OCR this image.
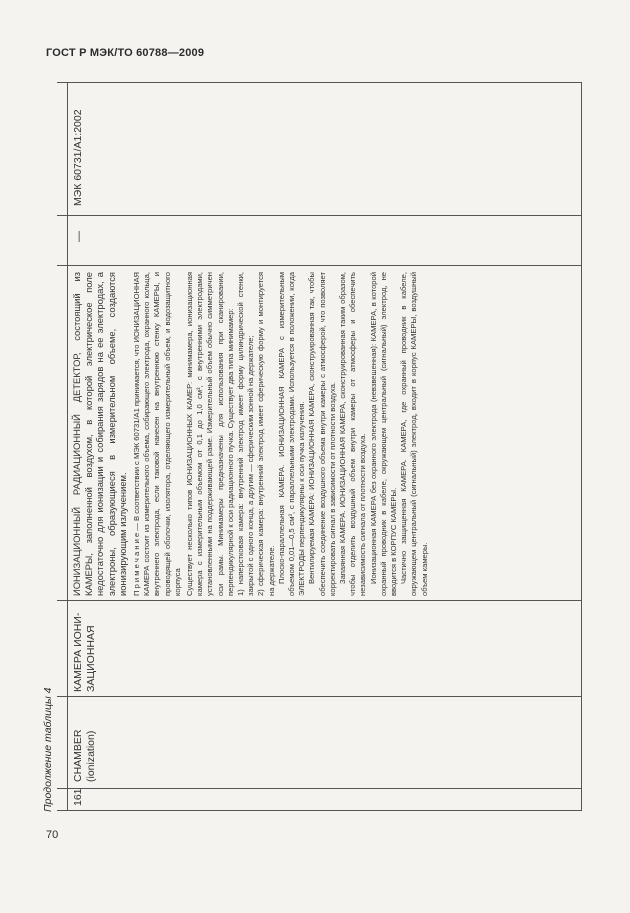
ГОСТ Р МЭК/ТО 60788—2009
Продолжение таблицы 4 161
CHAMBER (ionization)
КАМЕРА ИОНИ- ЗАЦИОННАЯ

ИОНИЗАЦИОННЫЙ РАДИАЦИОННЫЙ ДЕТЕКТОР, состоящий из КАМЕРЫ, заполненной воздухом, в которой электрическое поле недостаточно для ионизации и собирания зарядов на ее электродах, а электроны, образующиеся в измерительном объеме, создаются ионизирующим излучением. П р и м е ч а н и е — В соответствии с МЭК 60731/А1 принимается, что ИОНИЗАЦИОННАЯ КАМЕРА состоит из измерительного объема, собирающего электрода, охранного кольца, внутреннего электрода, если таковой нанесен на внутреннюю стенку КАМЕРЫ, и проводящей оболочки, изолятора, отделяющего измерительный объем, и водозащитного корпуса Существует несколько типов ИОНИЗАЦИОННЫХ КАМЕР: минимамера, ионизационная камера с измерительным объемом от 0,1 до 1,0 см³, с внутренними электродами, установленными на поддерживающей раме. Измерительный объем обычно симметричен оси рамы. Минимамеры предназначены для использования при сканировании, перпендикулярной к оси радиационного пучка. Существует два типа минимамер: 1) наперстковая камера: внутренний электрод имеет форму цилиндрической стенки, закрытой с одного конца, а другим — сферическим зонной на держателе; 2) сферическая камера: внутренний электрод имеет сферическую форму и монтируется на держателе. Плоско-параллельная КАМЕРА. ИОНИЗАЦИОННАЯ КАМЕРА с измерительным объемом 0,01—0,5 см³, с параллельными электродами. Используется в положении, когда ЭЛЕКТРОДЫ перпендикулярны к оси пучка излучения. Вентилируемая КАМЕРА: ИОНИЗАЦИОННАЯ КАМЕРА, сконструированная так, чтобы обеспечить соединение воздушного объема внутри камеры с атмосферой, что позволяет корректировать сигнал в зависимости от плотности воздуха. Запаянная КАМЕРА. ИОНИЗАЦИОННАЯ КАМЕРА, сконструированная таким образом, чтобы отделить воздушный объем внутри камеры от атмосферы и обеспечить независимость сигнала от плотности воздуха. Ионизационная КАМЕРА без охранного электрода (невзвешенная): КАМЕРА, в которой охранный проводник в кабеле, окружающем центральный (сигнальный) электрод, не вводится в КОРПУС КАМЕРЫ. Частично защищенная КАМЕРА. КАМЕРА, где охранный проводник в кабеле, окружающем центральный (сигнальный) электрод, входит в корпус КАМЕРЫ, воздушный объем камеры.

—
МЭК 60731/А1:2002
70
